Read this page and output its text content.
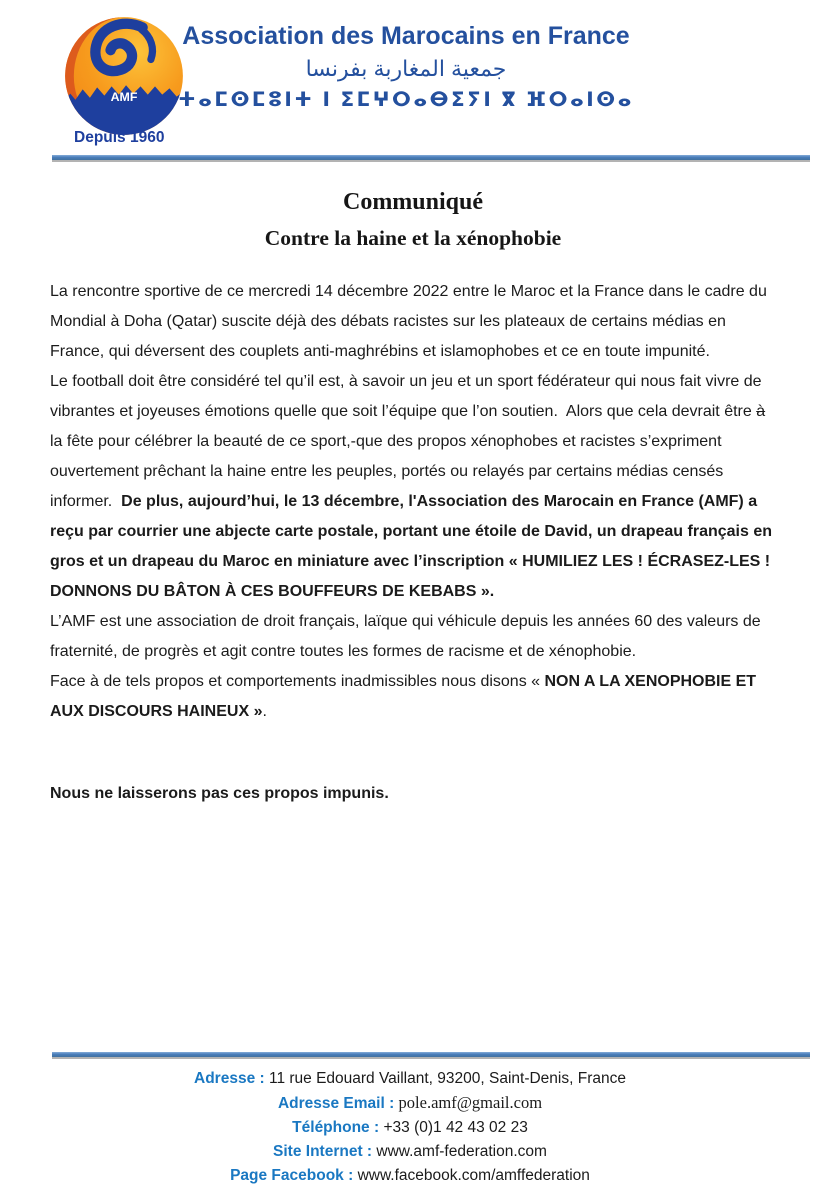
AMF
Depuis 1960
Association des Marocains en France
جمعية المغاربة بفرنسا
ⵜⴰⵎⵙⵎⵓⵏⵜ ⵏ ⵉⵎⵖⵔⴰⴱⵉⵢⵏ ⴳ ⴼⵔⴰⵏⵙⴰ
Communiqué
Contre la haine et la xénophobie

La rencontre sportive de ce mercredi 14 décembre 2022 entre le Maroc et la France dans le cadre du Mondial à Doha (Qatar) suscite déjà des débats racistes sur les plateaux de certains médias en France, qui déversent des couplets anti-maghrébins et islamophobes et ce en toute impunité.

Le football doit être considéré tel qu’il est, à savoir un jeu et un sport fédérateur qui nous fait vivre de vibrantes et joyeuses émotions quelle que soit l’équipe que l’on soutien.  Alors que cela devrait être à la fête pour célébrer la beauté de ce sport,-que des propos xénophobes et racistes s’expriment ouvertement prêchant la haine entre les peuples, portés ou relayés par certains médias censés informer.  De plus, aujourd’hui, le 13 décembre, l'Association des Marocain en France (AMF) a reçu par courrier une abjecte carte postale, portant une étoile de David, un drapeau français en gros et un drapeau du Maroc en miniature avec l’inscription « HUMILIEZ LES ! ÉCRASEZ-LES ! DONNONS DU BÂTON À CES BOUFFEURS DE KEBABS ».

L’AMF est une association de droit français, laïque qui véhicule depuis les années 60 des valeurs de fraternité, de progrès et agit contre toutes les formes de racisme et de xénophobie.

Face à de tels propos et comportements inadmissibles nous disons « NON A LA XENOPHOBIE ET AUX DISCOURS HAINEUX ».

Nous ne laisserons pas ces propos impunis.

Adresse : 11 rue Edouard Vaillant, 93200, Saint-Denis, France
Adresse Email : pole.amf@gmail.com
Téléphone : +33 (0)1 42 43 02 23
Site Internet : www.amf-federation.com
Page Facebook : www.facebook.com/amffederation
